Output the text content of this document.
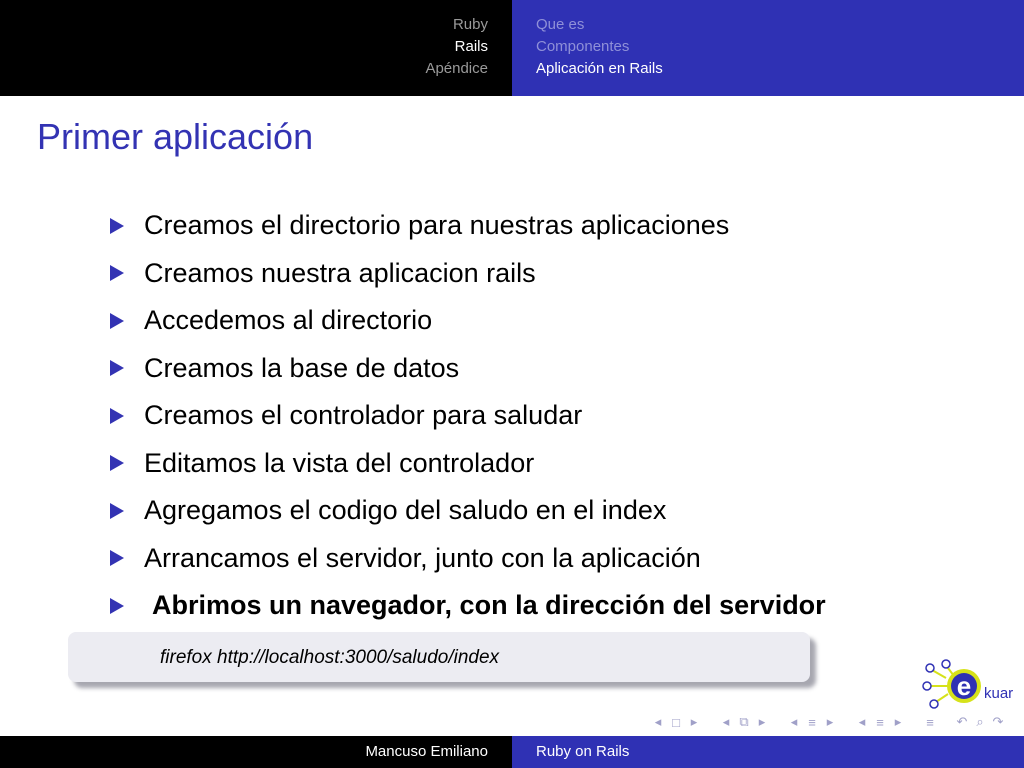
Ruby
Rails
Apéndice
Que es
Componentes
Aplicación en Rails
Primer aplicación
Creamos el directorio para nuestras aplicaciones
Creamos nuestra aplicacion rails
Accedemos al directorio
Creamos la base de datos
Creamos el controlador para saludar
Editamos la vista del controlador
Agregamos el codigo del saludo en el index
Arrancamos el servidor, junto con la aplicación
Abrimos un navegador, con la dirección del servidor
firefox http://localhost:3000/saludo/index
e kuar
◂ □ ▸ ◂ ⧉ ▸ ◂ ≡ ▸ ◂ ≡ ▸ ≡ ↶ ⌕ ↷
Mancuso Emiliano	Ruby on Rails
